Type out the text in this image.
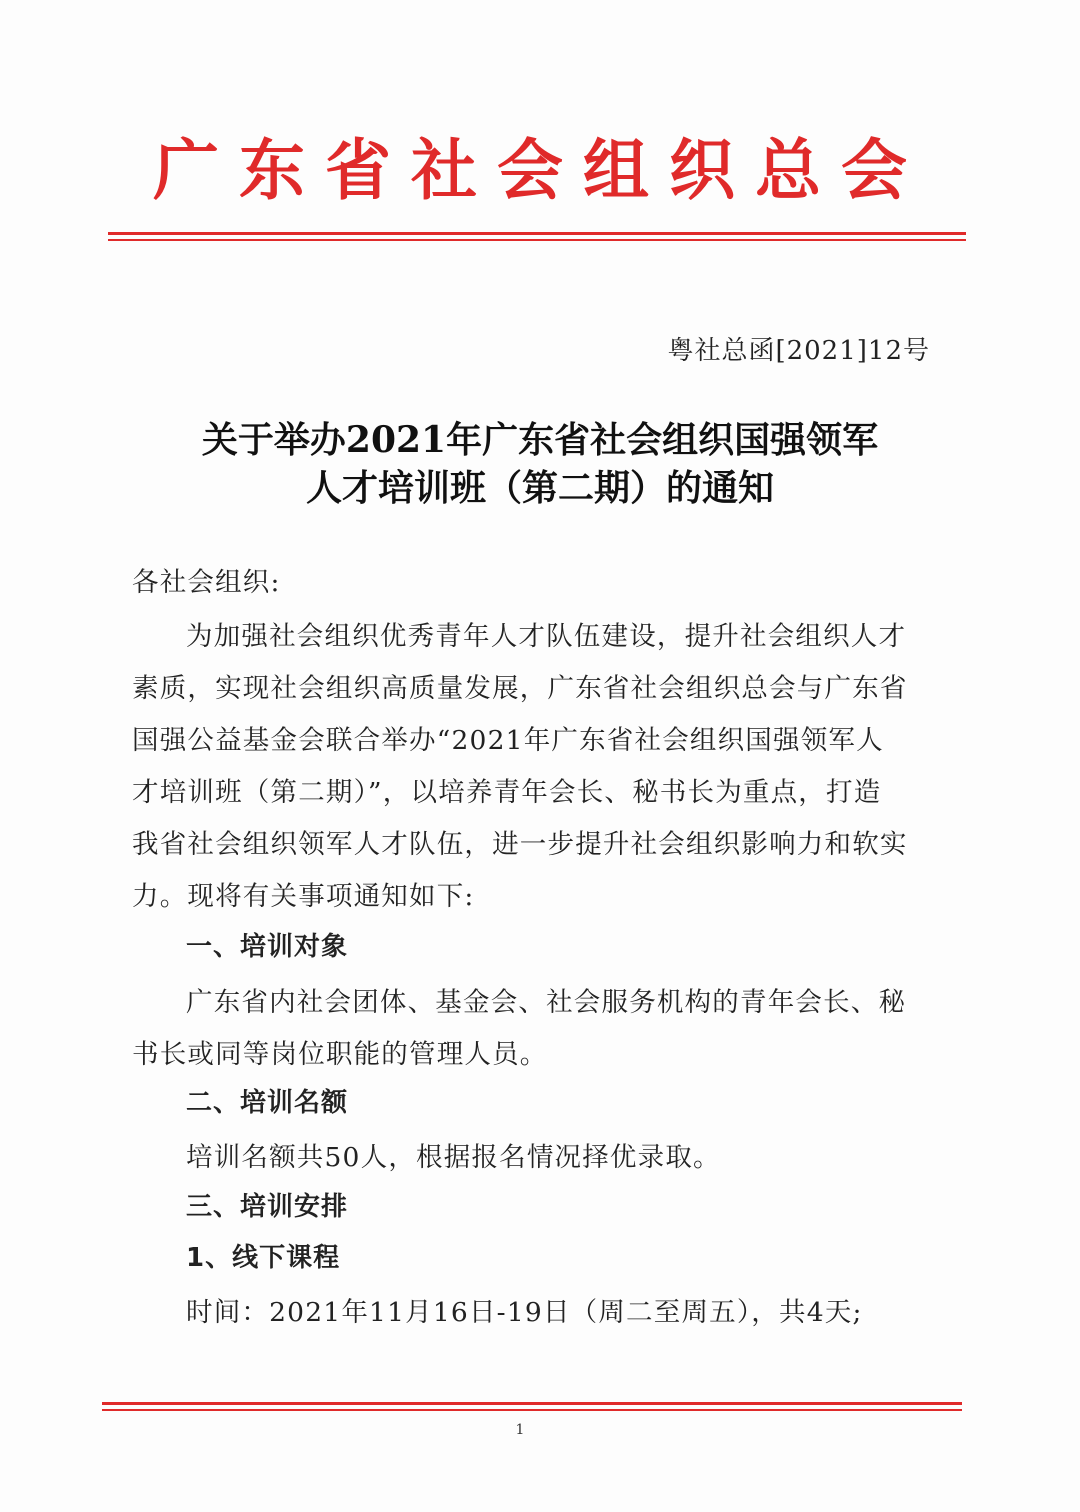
广东省社会组织总会
粤社总函[2021]12号
关于举办2021年广东省社会组织国强领军
人才培训班（第二期）的通知
各社会组织:
为加强社会组织优秀青年人才队伍建设，提升社会组织人才
素质，实现社会组织高质量发展，广东省社会组织总会与广东省
国强公益基金会联合举办“2021年广东省社会组织国强领军人
才培训班（第二期）”，以培养青年会长、秘书长为重点，打造
我省社会组织领军人才队伍，进一步提升社会组织影响力和软实
力。现将有关事项通知如下:
一、培训对象
广东省内社会团体、基金会、社会服务机构的青年会长、秘
书长或同等岗位职能的管理人员。
二、培训名额
培训名额共50人，根据报名情况择优录取。
三、培训安排
1、线下课程
时间：2021年11月16日-19日（周二至周五），共4天;
1
